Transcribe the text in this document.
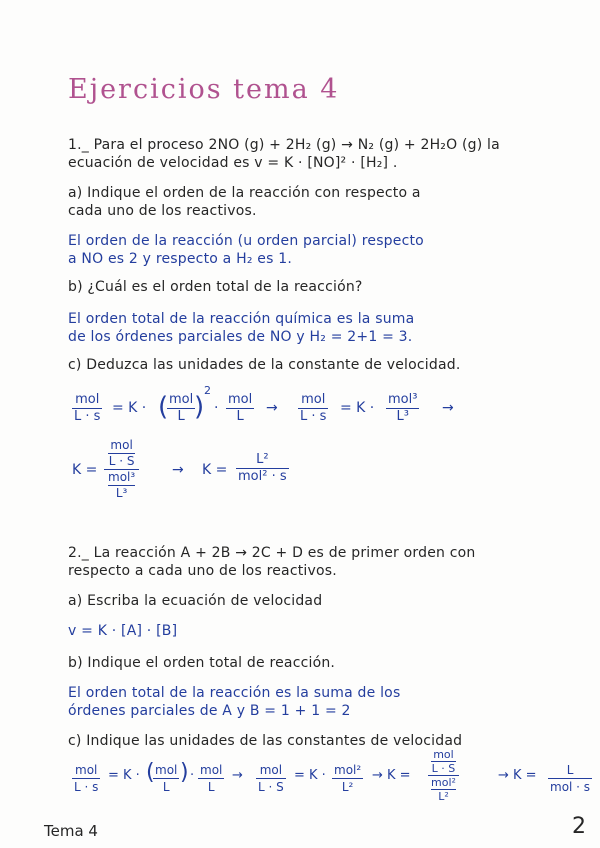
Ejercicios tema 4
1._ Para el proceso 2NO (g) + 2H₂ (g) → N₂ (g) + 2H₂O (g) la
ecuación de velocidad es v = K · [NO]² · [H₂] .
a) Indique el orden de la reacción con respecto a
cada uno de los reactivos.
El orden de la reacción (u orden parcial) respecto
a NO es 2 y respecto a H₂ es 1.
b) ¿Cuál es el orden total de la reacción?
El orden total de la reacción química es la suma
de los órdenes parciales de NO y H₂ = 2+1 = 3.
c) Deduzca las unidades de la constante de velocidad.
mol
L · s
= K · ( mol
L )
2
·
mol
L
→
mol
L · s
= K ·
mol³
L³
→
K =
mol
L · S
mol³
L³
→ K =
L²
mol² · s
2._ La reacción A + 2B → 2C + D es de primer orden con
respecto a cada uno de los reactivos.
a) Escriba la ecuación de velocidad
v = K · [A] · [B]
b) Indique el orden total de reacción.
El orden total de la reacción es la suma de los
órdenes parciales de A y B = 1 + 1 = 2
c) Indique las unidades de las constantes de velocidad
mol
L · s
= K · ( mol
L
) · mol
L
→	mol
L · S
= K · mol²
L²
→ K =
mol
L · S
mol²
L²
→ K =	L
mol · s
Tema 4	2
